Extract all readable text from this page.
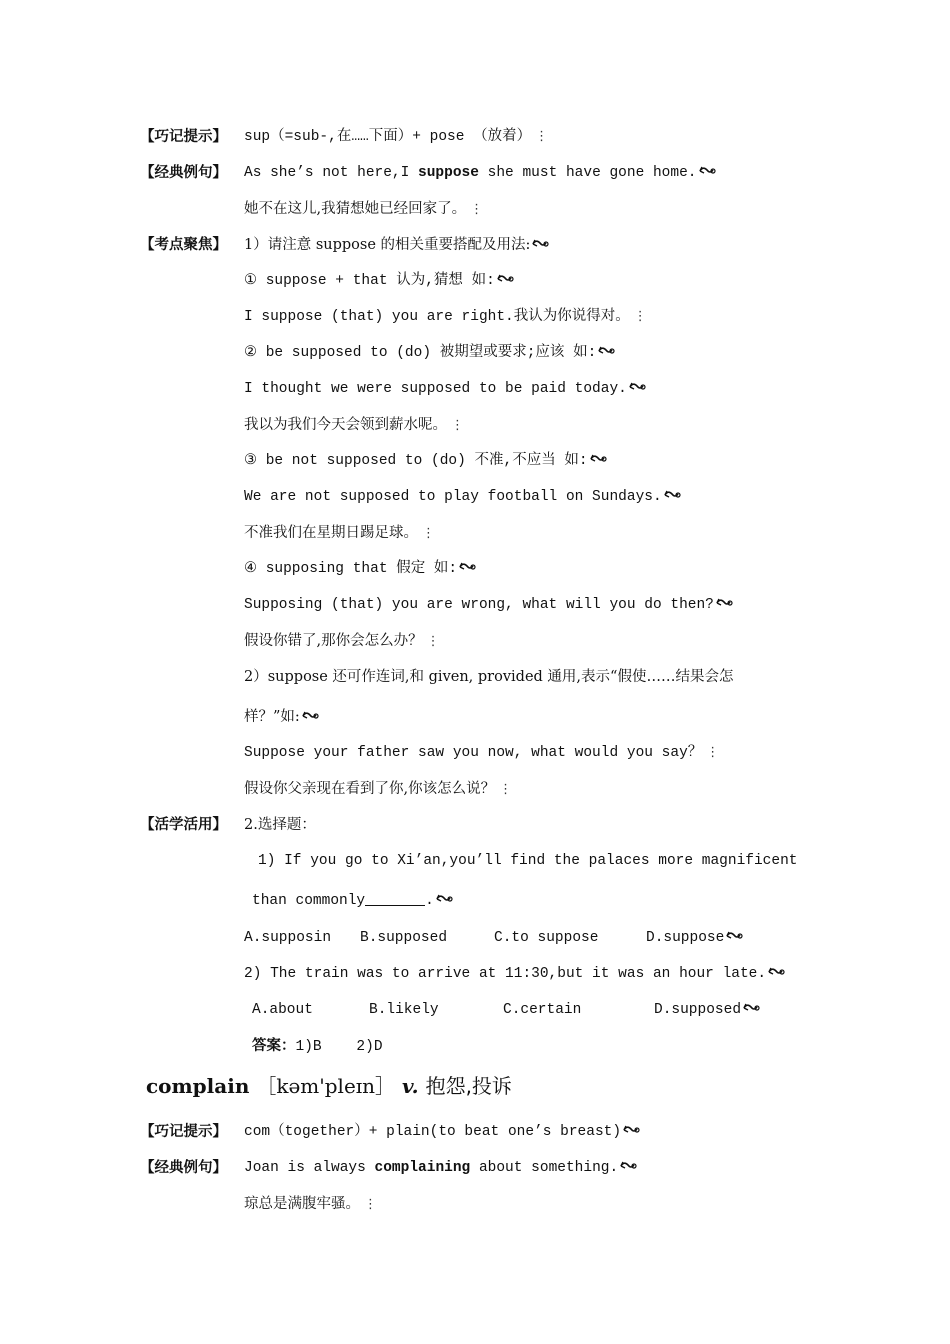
【巧记提示】 sup（=sub-,在……下面）+ pose （放着） ⋮
【经典例句】 As she’s not here,I suppose she must have gone home.
她不在这儿,我猜想她已经回家了。 ⋮
【考点聚焦】 1）请注意 suppose 的相关重要搭配及用法:
① suppose + that 认为,猜想 如:
I suppose (that) you are right.我认为你说得对。 ⋮
② be supposed to (do) 被期望或要求;应该 如:
I thought we were supposed to be paid today.
我以为我们今天会领到薪水呢。 ⋮
③ be not supposed to (do) 不准,不应当 如:
We are not supposed to play football on Sundays.
不准我们在星期日踢足球。 ⋮
④ supposing that 假定 如:
Supposing (that) you are wrong, what will you do then?
假设你错了,那你会怎么办？ ⋮
2）suppose 还可作连词,和 given, provided 通用,表示“假使……结果会怎
样？”如:
Suppose your father saw you now, what would you say？ ⋮
假设你父亲现在看到了你,你该怎么说？ ⋮
【活学活用】 2.选择题：
1) If you go to Xi’an,you’ll find the palaces more magnificent
than commonly	.
A.supposin B.supposed	C.to suppose	D.suppose
2) The train was to arrive at 11:30,but it was an hour late.
A.about	B.likely	C.certain	D.supposed
答案：1)B    2)D
complain ［kəm'pleɪn］ v. 抱怨,投诉
【巧记提示】 com（together）+ plain(to beat one’s breast)
【经典例句】 Joan is always complaining about something.
琼总是满腹牢骚。 ⋮
